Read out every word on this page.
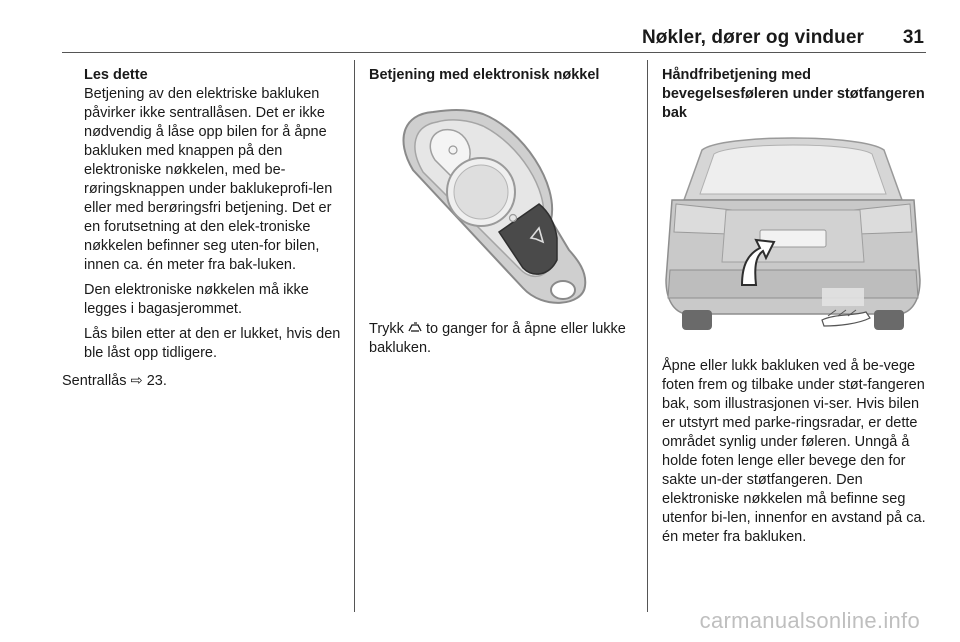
Nøkler, dører og vinduer 31

Les dette

Betjening av den elektriske bakluken påvirker ikke sentrallåsen. Det er ikke nødvendig å låse opp bilen for å åpne bakluken med knappen på den elektroniske nøkkelen, med be-røringsknappen under baklukeprofi-len eller med berøringsfri betjening. Det er en forutsetning at den elek-troniske nøkkelen befinner seg uten-for bilen, innen ca. én meter fra bak-luken.

Den elektroniske nøkkelen må ikke legges i bagasjerommet.

Lås bilen etter at den er lukket, hvis den ble låst opp tidligere.

Sentrallås ⇨ 23.

Betjening med elektronisk nøkkel

Trykk to ganger for å åpne eller lukke bakluken.

Håndfribetjening med bevegelsesføleren under støtfangeren bak

Åpne eller lukk bakluken ved å be-vege foten frem og tilbake under støt-fangeren bak, som illustrasjonen vi-ser. Hvis bilen er utstyrt med parke-ringsradar, er dette området synlig under føleren. Unngå å holde foten lenge eller bevege den for sakte un-der støtfangeren. Den elektroniske nøkkelen må befinne seg utenfor bi-len, innenfor en avstand på ca. én meter fra bakluken.

carmanualsonline.info
